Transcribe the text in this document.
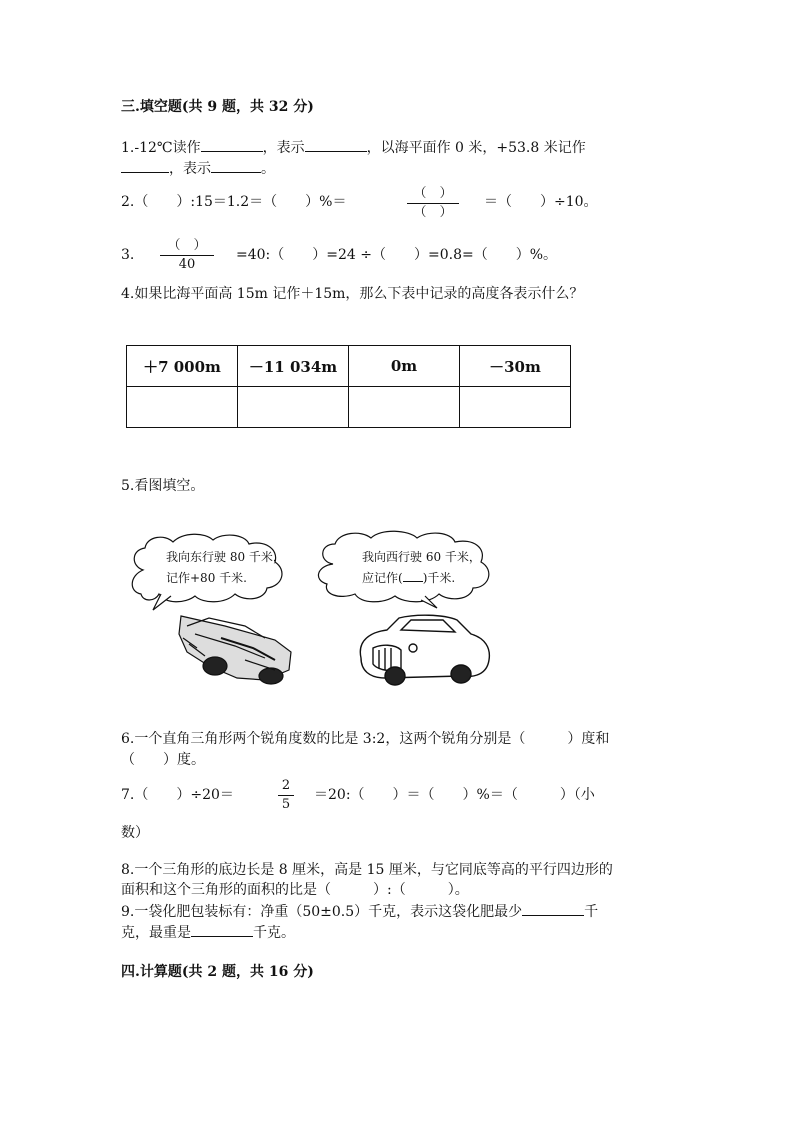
三.填空题(共 9 题，共 32 分)
1.-12℃读作	，表示	，以海平面作 0 米，+53.8 米记作
，表示	。
2.（　　）:15＝1.2＝（　　）%＝
（　）
（　）
＝（　　）÷10。
3.
（　）
40
=40:（　　）=24 ÷（　　）=0.8=（　　）%。
4.如果比海平面高 15m 记作＋15m，那么下表中记录的高度各表示什么？
＋7 000m	－11 034m	0m	－30m

5.看图填空。
我向东行驶 80 千米，
记作+80 千米.
我向西行驶 60 千米，
应记作( )千米.
6.一个直角三角形两个锐角度数的比是 3:2，这两个锐角分别是（　　　）度和
（　　）度。
7.（　　）÷20＝
2
5
＝20:（　　）＝（　　）%＝（　　　）（小
数）
8.一个三角形的底边长是 8 厘米，高是 15 厘米，与它同底等高的平行四边形的
面积和这个三角形的面积的比是（　　　）:（　　　）。
9.一袋化肥包装标有：净重（50±0.5）千克，表示这袋化肥最少	千
克，最重是	千克。
四.计算题(共 2 题，共 16 分)
